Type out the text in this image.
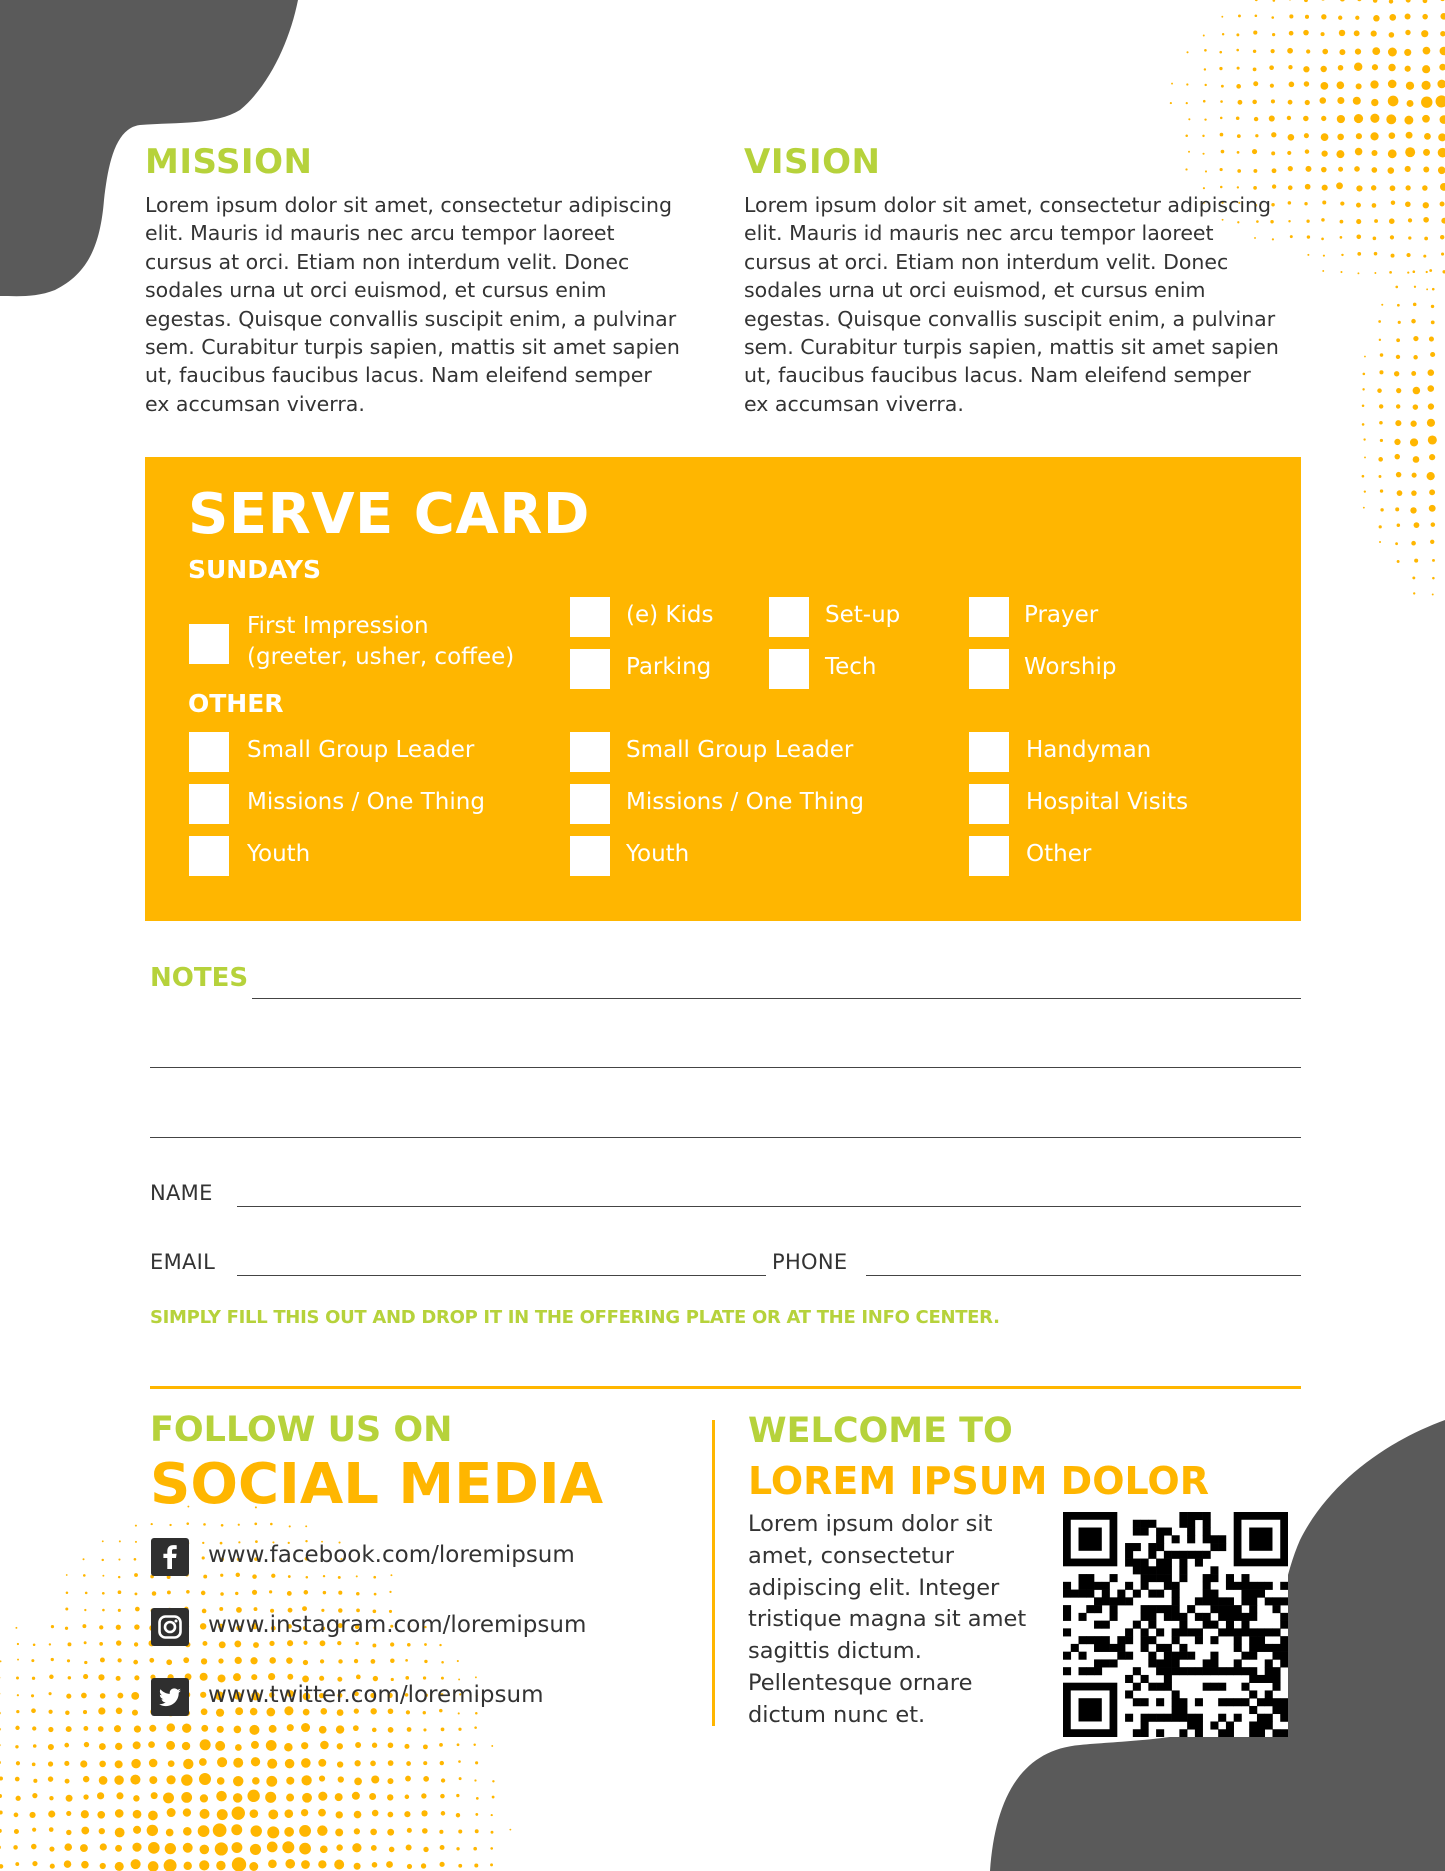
MISSION
Lorem ipsum dolor sit amet, consectetur adipiscing
elit. Mauris id mauris nec arcu tempor laoreet
cursus at orci. Etiam non interdum velit. Donec
sodales urna ut orci euismod, et cursus enim
egestas. Quisque convallis suscipit enim, a pulvinar
sem. Curabitur turpis sapien, mattis sit amet sapien
ut, faucibus faucibus lacus. Nam eleifend semper
ex accumsan viverra.
VISION
Lorem ipsum dolor sit amet, consectetur adipiscing
elit. Mauris id mauris nec arcu tempor laoreet
cursus at orci. Etiam non interdum velit. Donec
sodales urna ut orci euismod, et cursus enim
egestas. Quisque convallis suscipit enim, a pulvinar
sem. Curabitur turpis sapien, mattis sit amet sapien
ut, faucibus faucibus lacus. Nam eleifend semper
ex accumsan viverra.
SERVE CARD
SUNDAYS
First Impression
(greeter, usher, coffee)
(e) Kids
Parking
Set-up
Tech
Prayer
Worship
OTHER
Small Group Leader
Missions / One Thing
Youth
Small Group Leader
Missions / One Thing
Youth
Handyman
Hospital Visits
Other
NOTES
NAME
EMAIL	PHONE
SIMPLY FILL THIS OUT AND DROP IT IN THE OFFERING PLATE OR AT THE INFO CENTER.
FOLLOW US ON
SOCIAL MEDIA
www.facebook.com/loremipsum
www.instagram.com/loremipsum
www.twitter.com/loremipsum
WELCOME TO
LOREM IPSUM DOLOR
Lorem ipsum dolor sit
amet, consectetur
adipiscing elit. Integer
tristique magna sit amet
sagittis dictum.
Pellentesque ornare
dictum nunc et.
